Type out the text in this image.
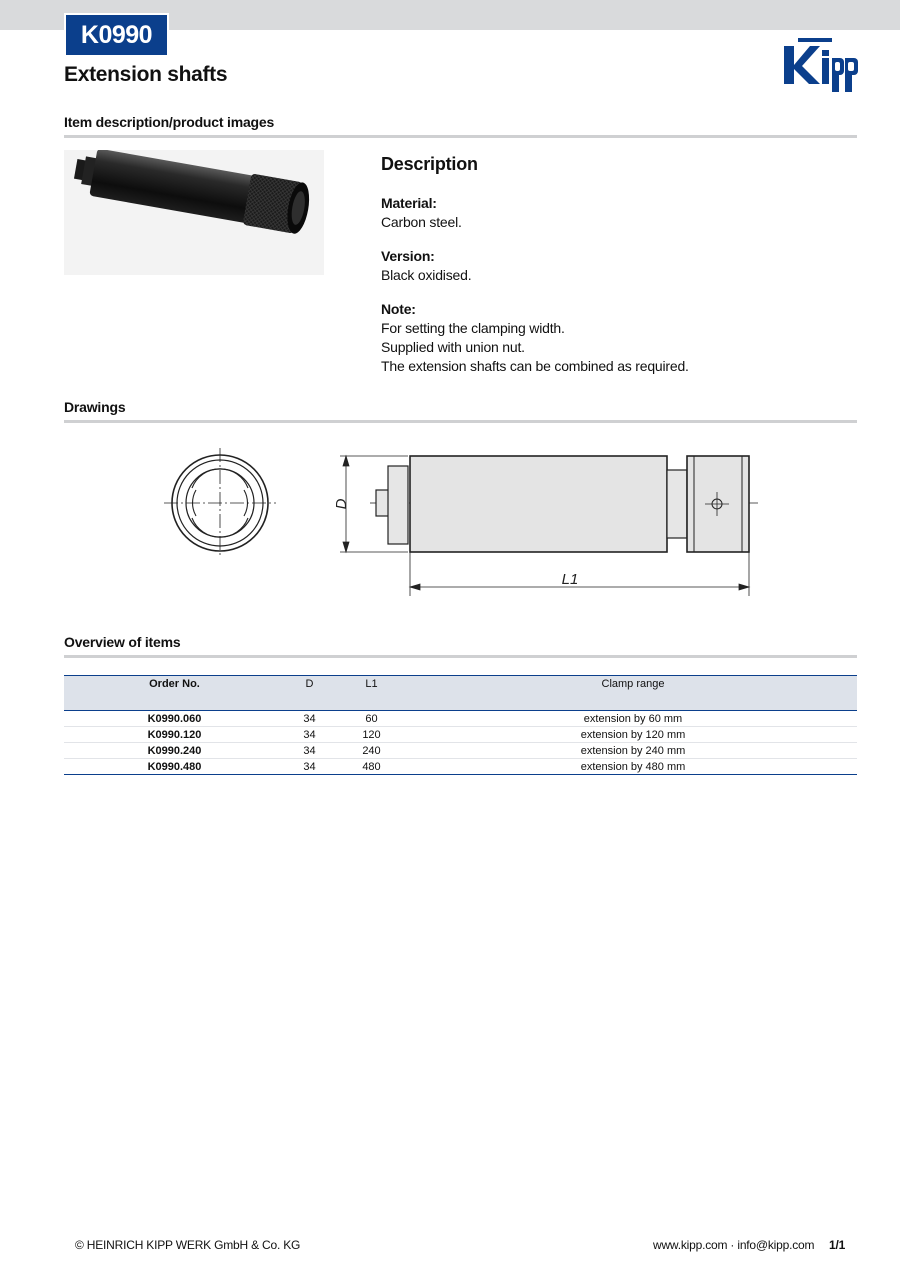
K0990
Extension shafts
Item description/product images
Description
Material:
Carbon steel.
Version:
Black oxidised.
Note:
For setting the clamping width.
Supplied with union nut.
The extension shafts can be combined as required.
Drawings
D
L1
Overview of items
Order No.	D	L1	Clamp range
K0990.060	34	60	extension by 60 mm
K0990.120	34	120	extension by 120 mm
K0990.240	34	240	extension by 240 mm
K0990.480	34	480	extension by 480 mm
© HEINRICH KIPP WERK GmbH & Co. KG	www.kipp.com · info@kipp.com 1/1
